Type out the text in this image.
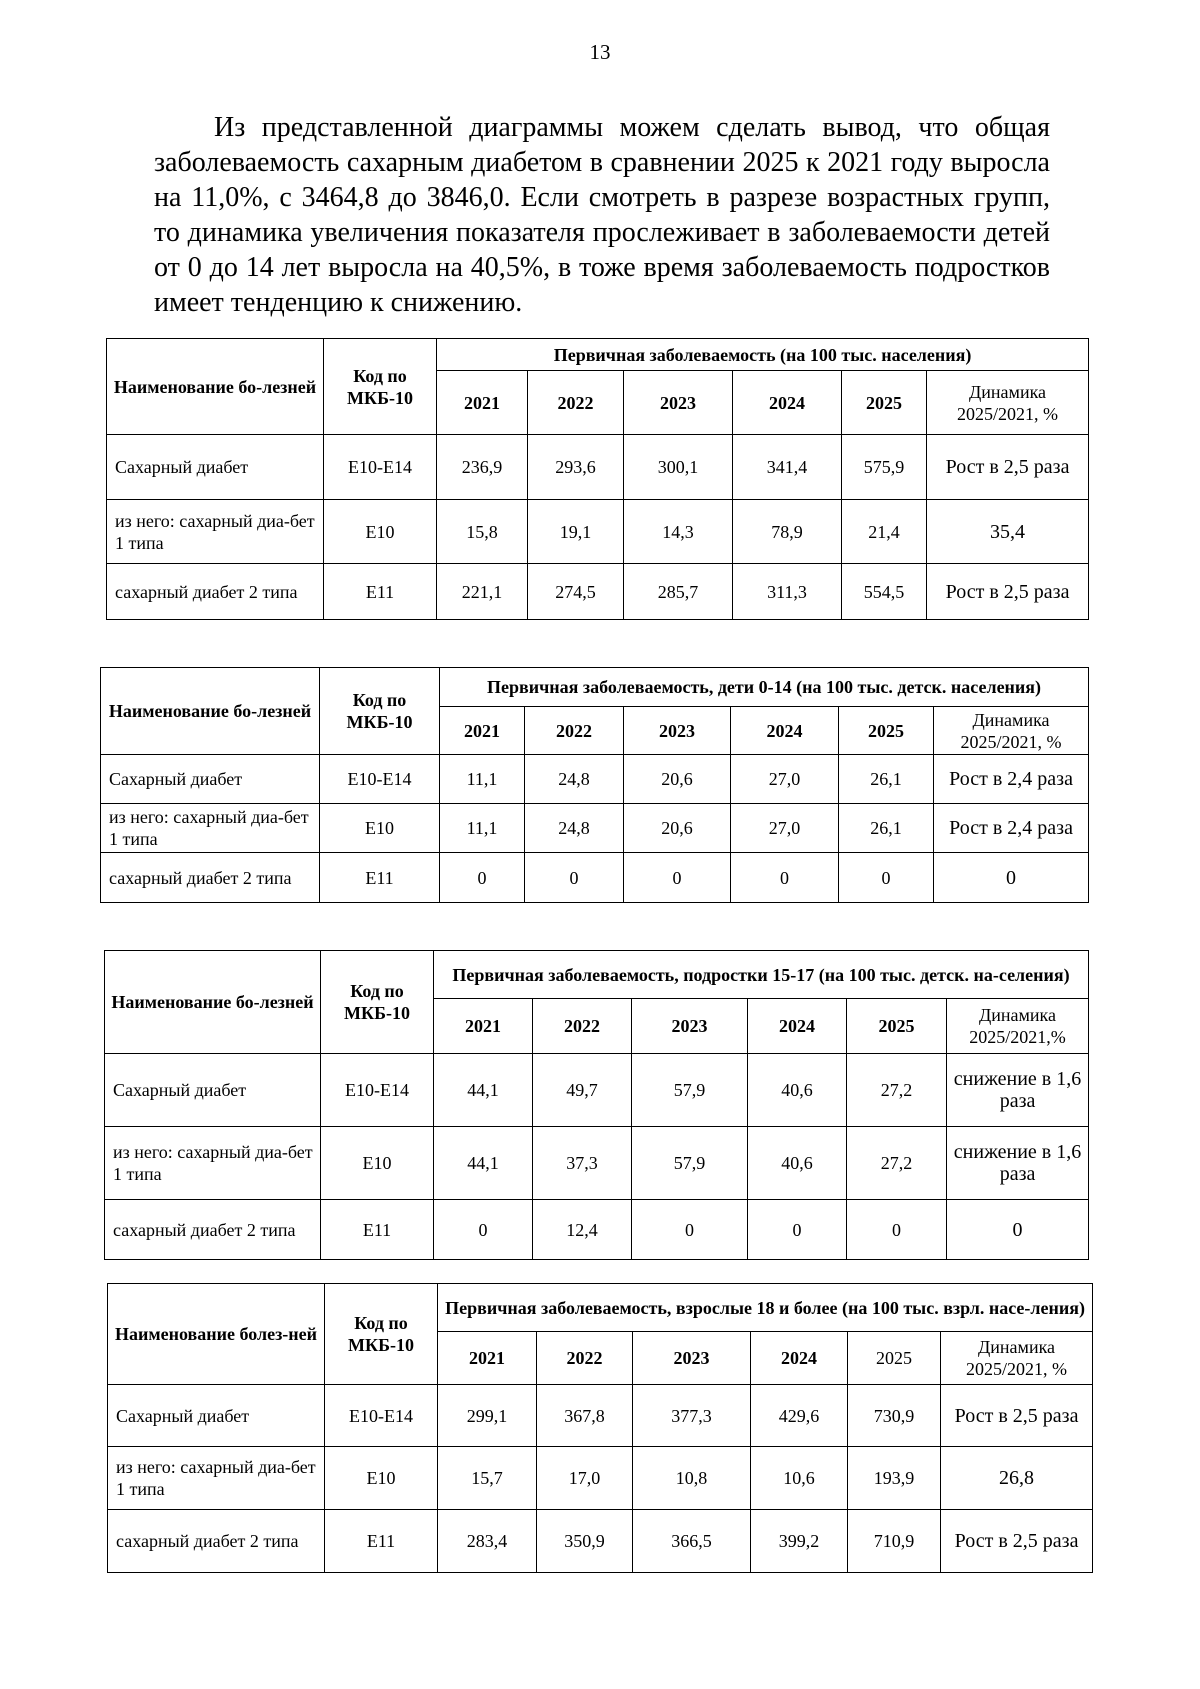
13

Из представленной диаграммы можем сделать вывод, что общая заболеваемость сахарным диабетом в сравнении 2025 к 2021 году выросла на 11,0%, с 3464,8 до 3846,0. Если смотреть в разрезе возрастных групп, то динамика увеличения показателя прослеживает в заболеваемости детей от 0 до 14 лет выросла на 40,5%, в тоже время заболеваемость подростков имеет тенденцию к снижению.

Наименование бо-лезней	Код по МКБ-10	Первичная заболеваемость (на 100 тыс. населения)					
		2021	2022	2023	2024	2025	Динамика 2025/2021, %
Сахарный диабет	E10-E14	236,9	293,6	300,1	341,4	575,9	Рост в 2,5 раза
из него: сахарный диа-бет 1 типа	E10	15,8	19,1	14,3	78,9	21,4	35,4
сахарный диабет 2 типа	E11	221,1	274,5	285,7	311,3	554,5	Рост в 2,5 раза
Наименование бо-лезней	Код по МКБ-10	Первичная заболеваемость, дети 0-14 (на 100 тыс. детск. населения)					
		2021	2022	2023	2024	2025	Динамика 2025/2021, %
Сахарный диабет	E10-E14	11,1	24,8	20,6	27,0	26,1	Рост в 2,4 раза
из него: сахарный диа-бет 1 типа	E10	11,1	24,8	20,6	27,0	26,1	Рост в 2,4 раза
сахарный диабет 2 типа	E11	0	0	0	0	0	0
Наименование бо-лезней	Код по МКБ-10	Первичная заболеваемость, подростки 15-17 (на 100 тыс. детск. на-селения)					
		2021	2022	2023	2024	2025	Динамика 2025/2021,%
Сахарный диабет	E10-E14	44,1	49,7	57,9	40,6	27,2	снижение в 1,6 раза
из него: сахарный диа-бет 1 типа	E10	44,1	37,3	57,9	40,6	27,2	снижение в 1,6 раза
сахарный диабет 2 типа	E11	0	12,4	0	0	0	0
Наименование болез-ней	Код по МКБ-10	Первичная заболеваемость, взрослые 18 и более (на 100 тыс. взрл. насе-ления)					
		2021	2022	2023	2024	2025	Динамика 2025/2021, %
Сахарный диабет	E10-E14	299,1	367,8	377,3	429,6	730,9	Рост в 2,5 раза
из него: сахарный диа-бет 1 типа	E10	15,7	17,0	10,8	10,6	193,9	26,8
сахарный диабет 2 типа	E11	283,4	350,9	366,5	399,2	710,9	Рост в 2,5 раза
